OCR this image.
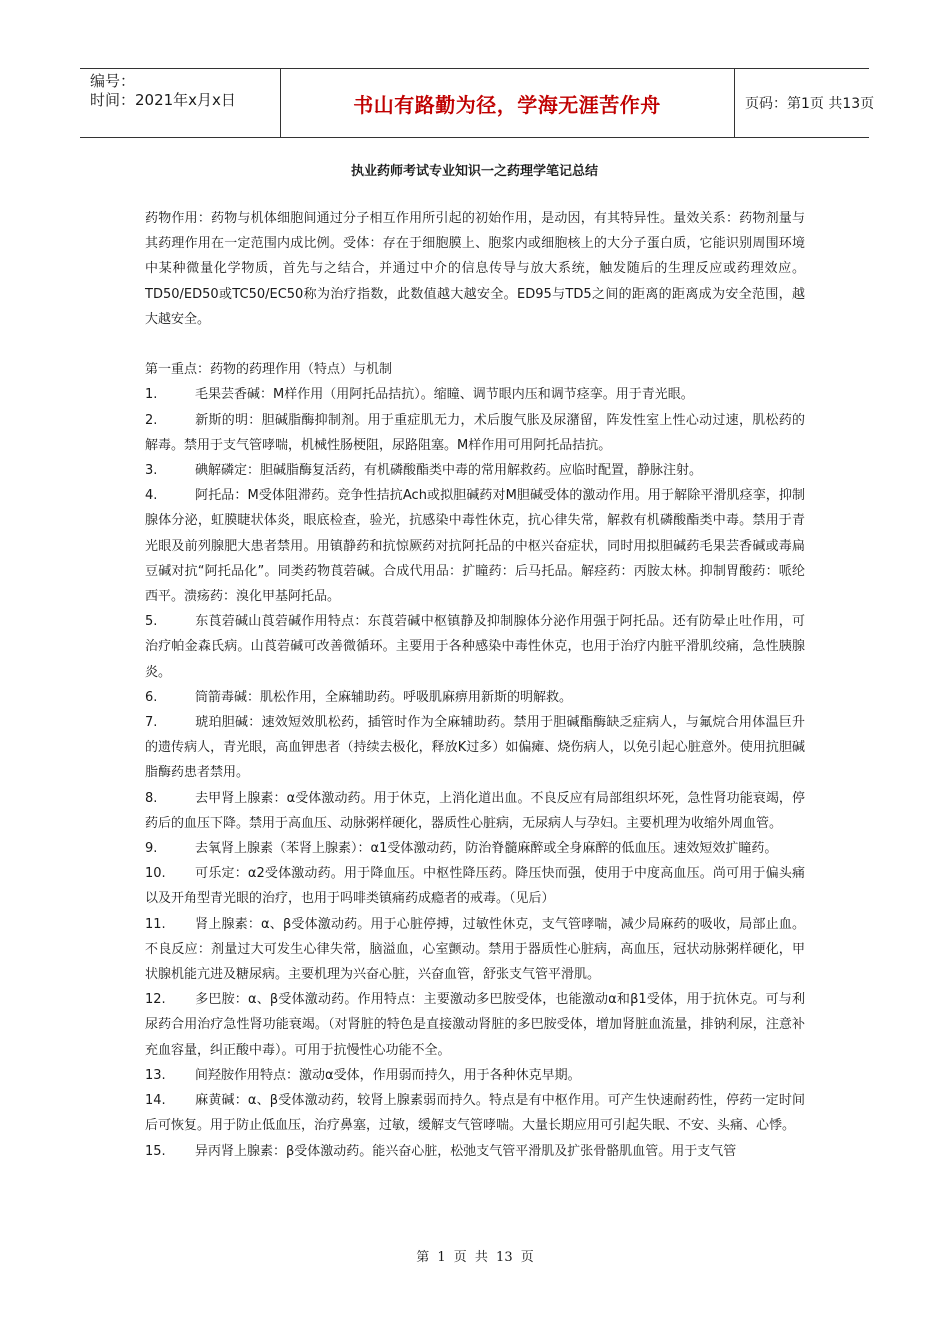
编号：
时间：2021年x月x日	书山有路勤为径，学海无涯苦作舟	页码：第1页 共13页
执业药师考试专业知识一之药理学笔记总结

药物作用：药物与机体细胞间通过分子相互作用所引起的初始作用，是动因，有其特异性。量效关系：药物剂量与其药理作用在一定范围内成比例。受体：存在于细胞膜上、胞浆内或细胞核上的大分子蛋白质，它能识别周围环境中某种微量化学物质，首先与之结合，并通过中介的信息传导与放大系统，触发随后的生理反应或药理效应。TD50/ED50或TC50/EC50称为治疗指数，此数值越大越安全。ED95与TD5之间的距离的距离成为安全范围，越大越安全。

第一重点：药物的药理作用（特点）与机制

1.	毛果芸香碱：M样作用（用阿托品拮抗）。缩瞳、调节眼内压和调节痉挛。用于青光眼。

2.	新斯的明：胆碱脂酶抑制剂。用于重症肌无力，术后腹气胀及尿潴留，阵发性室上性心动过速，肌松药的解毒。禁用于支气管哮喘，机械性肠梗阻，尿路阻塞。M样作用可用阿托品拮抗。

3.	碘解磷定：胆碱脂酶复活药，有机磷酸酯类中毒的常用解救药。应临时配置，静脉注射。

4.	阿托品：M受体阻滞药。竞争性拮抗Ach或拟胆碱药对M胆碱受体的激动作用。用于解除平滑肌痉挛，抑制腺体分泌，虹膜睫状体炎，眼底检查，验光，抗感染中毒性休克，抗心律失常，解救有机磷酸酯类中毒。禁用于青光眼及前列腺肥大患者禁用。用镇静药和抗惊厥药对抗阿托品的中枢兴奋症状，同时用拟胆碱药毛果芸香碱或毒扁豆碱对抗“阿托品化”。同类药物莨菪碱。合成代用品：扩瞳药：后马托品。解痉药：丙胺太林。抑制胃酸药：哌纶西平。溃疡药：溴化甲基阿托品。

5.	东莨菪碱山莨菪碱作用特点：东莨菪碱中枢镇静及抑制腺体分泌作用强于阿托品。还有防晕止吐作用，可治疗帕金森氏病。山莨菪碱可改善微循环。主要用于各种感染中毒性休克，也用于治疗内脏平滑肌绞痛，急性胰腺炎。

6.	筒箭毒碱：肌松作用，全麻辅助药。呼吸肌麻痹用新斯的明解救。

7.	琥珀胆碱：速效短效肌松药，插管时作为全麻辅助药。禁用于胆碱酯酶缺乏症病人，与氟烷合用体温巨升的遗传病人，青光眼，高血钾患者（持续去极化，释放K过多）如偏瘫、烧伤病人，以免引起心脏意外。使用抗胆碱脂酶药患者禁用。

8.	去甲肾上腺素：α受体激动药。用于休克，上消化道出血。不良反应有局部组织坏死，急性肾功能衰竭，停药后的血压下降。禁用于高血压、动脉粥样硬化，器质性心脏病，无尿病人与孕妇。主要机理为收缩外周血管。

9.	去氧肾上腺素（苯肾上腺素）：α1受体激动药，防治脊髓麻醉或全身麻醉的低血压。速效短效扩瞳药。

10. 可乐定：α2受体激动药。用于降血压。中枢性降压药。降压快而强，使用于中度高血压。尚可用于偏头痛以及开角型青光眼的治疗，也用于吗啡类镇痛药成瘾者的戒毒。（见后）

11. 肾上腺素：α、β受体激动药。用于心脏停搏，过敏性休克，支气管哮喘，减少局麻药的吸收，局部止血。不良反应：剂量过大可发生心律失常，脑溢血，心室颤动。禁用于器质性心脏病，高血压，冠状动脉粥样硬化，甲状腺机能亢进及糖尿病。主要机理为兴奋心脏，兴奋血管，舒张支气管平滑肌。

12. 多巴胺：α、β受体激动药。作用特点：主要激动多巴胺受体，也能激动α和β1受体，用于抗休克。可与利尿药合用治疗急性肾功能衰竭。（对肾脏的特色是直接激动肾脏的多巴胺受体，增加肾脏血流量，排钠利尿，注意补充血容量，纠正酸中毒）。可用于抗慢性心功能不全。

13. 间羟胺作用特点：激动α受体，作用弱而持久，用于各种休克早期。

14. 麻黄碱：α、β受体激动药，较肾上腺素弱而持久。特点是有中枢作用。可产生快速耐药性，停药一定时间后可恢复。用于防止低血压，治疗鼻塞，过敏，缓解支气管哮喘。大量长期应用可引起失眠、不安、头痛、心悸。

15. 异丙肾上腺素：β受体激动药。能兴奋心脏，松弛支气管平滑肌及扩张骨骼肌血管。用于支气管

第 1 页 共 13 页
